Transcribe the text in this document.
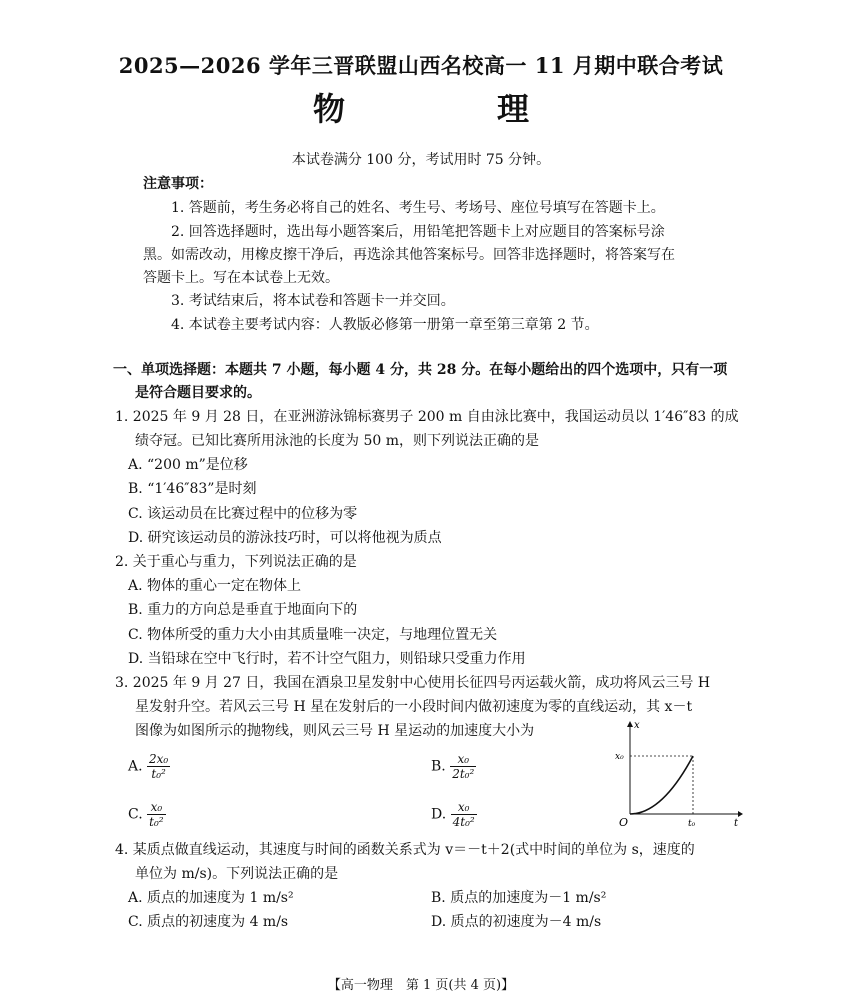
2025—2026 学年三晋联盟山西名校高一 11 月期中联合考试
物　理
本试卷满分 100 分，考试用时 75 分钟。
注意事项：
1. 答题前，考生务必将自己的姓名、考生号、考场号、座位号填写在答题卡上。
2. 回答选择题时，选出每小题答案后，用铅笔把答题卡上对应题目的答案标号涂
黑。如需改动，用橡皮擦干净后，再选涂其他答案标号。回答非选择题时，将答案写在
答题卡上。写在本试卷上无效。
3. 考试结束后，将本试卷和答题卡一并交回。
4. 本试卷主要考试内容：人教版必修第一册第一章至第三章第 2 节。
一、单项选择题：本题共 7 小题，每小题 4 分，共 28 分。在每小题给出的四个选项中，只有一项
是符合题目要求的。
1. 2025 年 9 月 28 日，在亚洲游泳锦标赛男子 200 m 自由泳比赛中，我国运动员以 1′46″83 的成
绩夺冠。已知比赛所用泳池的长度为 50 m，则下列说法正确的是
A. “200 m”是位移
B. “1′46″83”是时刻
C. 该运动员在比赛过程中的位移为零
D. 研究该运动员的游泳技巧时，可以将他视为质点
2. 关于重心与重力，下列说法正确的是
A. 物体的重心一定在物体上
B. 重力的方向总是垂直于地面向下的
C. 物体所受的重力大小由其质量唯一决定，与地理位置无关
D. 当铅球在空中飞行时，若不计空气阻力，则铅球只受重力作用
3. 2025 年 9 月 27 日，我国在酒泉卫星发射中心使用长征四号丙运载火箭，成功将风云三号 H
星发射升空。若风云三号 H 星在发射后的一小段时间内做初速度为零的直线运动，其 x－t
图像为如图所示的抛物线，则风云三号 H 星运动的加速度大小为
A. $\frac{\text{2x₀}}{\text{t₀²}}$	B. $\frac{\text{x₀}}{\text{2t₀²}}$
C. $\frac{\text{x₀}}{\text{t₀²}}$	D. $\frac{\text{x₀}}{\text{4t₀²}}$
x
t
O
x₀
t₀
4. 某质点做直线运动，其速度与时间的函数关系式为 v＝－t＋2(式中时间的单位为 s，速度的
单位为 m/s)。下列说法正确的是
A. 质点的加速度为 1 m/s²	B. 质点的加速度为－1 m/s²
C. 质点的初速度为 4 m/s	D. 质点的初速度为－4 m/s
【高一物理　第 1 页(共 4 页)】
